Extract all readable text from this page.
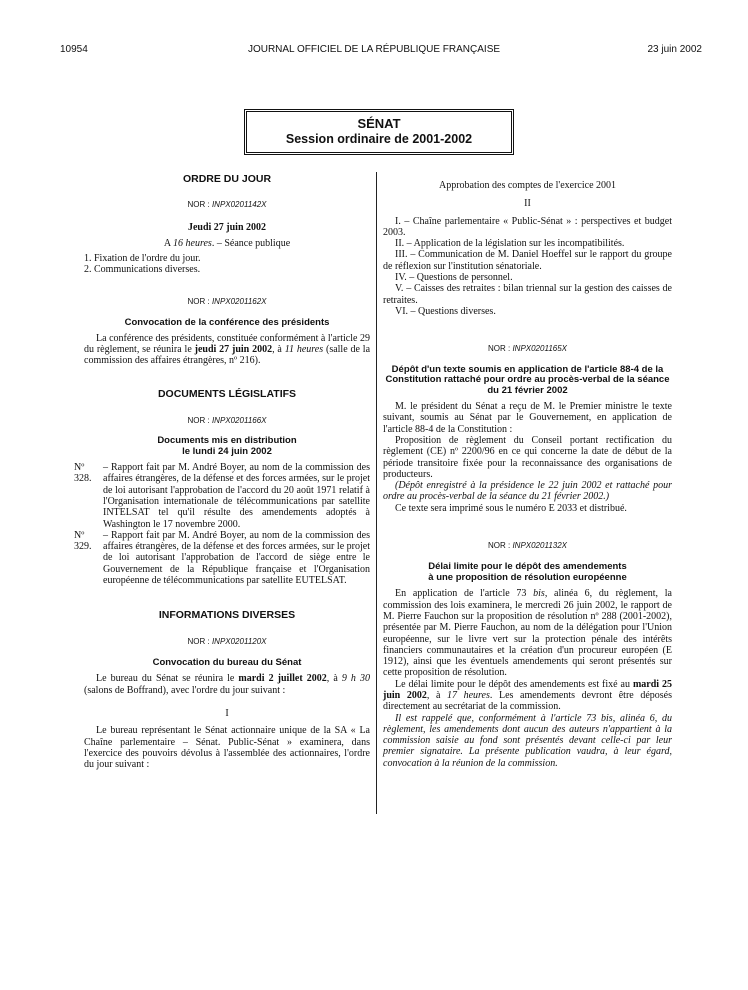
10954	JOURNAL OFFICIEL DE LA RÉPUBLIQUE FRANÇAISE	23 juin 2002
SÉNAT
Session ordinaire de 2001-2002
ORDRE DU JOUR
NOR : INPX0201142X
Jeudi 27 juin 2002
A 16 heures. – Séance publique
1. Fixation de l'ordre du jour.
2. Communications diverses.
NOR : INPX0201162X
Convocation de la conférence des présidents

La conférence des présidents, constituée conformément à l'article 29 du règlement, se réunira le jeudi 27 juin 2002, à 11 heures (salle de la commission des affaires étrangères, nº 216).

DOCUMENTS LÉGISLATIFS
NOR : INPX0201166X
Documents mis en distribution
le lundi 24 juin 2002
Nº 328.
– Rapport fait par M. André Boyer, au nom de la commission des affaires étrangères, de la défense et des forces armées, sur le projet de loi autorisant l'approbation de l'accord du 20 août 1971 relatif à l'Organisation internationale de télécommunications par satellite INTELSAT tel qu'il résulte des amendements adoptés à Washington le 17 novembre 2000.
Nº 329.
– Rapport fait par M. André Boyer, au nom de la commission des affaires étrangères, de la défense et des forces armées, sur le projet de loi autorisant l'approbation de l'accord de siège entre le Gouvernement de la République française et l'Organisation européenne de télécommunications par satellite EUTELSAT.
INFORMATIONS DIVERSES
NOR : INPX0201120X
Convocation du bureau du Sénat

Le bureau du Sénat se réunira le mardi 2 juillet 2002, à 9 h 30 (salons de Boffrand), avec l'ordre du jour suivant :

I

Le bureau représentant le Sénat actionnaire unique de la SA « La Chaîne parlementaire – Sénat. Public-Sénat » examinera, dans l'exercice des pouvoirs dévolus à l'assemblée des actionnaires, l'ordre du jour suivant :

Approbation des comptes de l'exercice 2001
II

I. – Chaîne parlementaire « Public-Sénat » : perspectives et budget 2003.

II. – Application de la législation sur les incompatibilités.

III. – Communication de M. Daniel Hoeffel sur le rapport du groupe de réflexion sur l'institution sénatoriale.

IV. – Questions de personnel.

V. – Caisses des retraites : bilan triennal sur la gestion des caisses de retraites.

VI. – Questions diverses.

NOR : INPX0201165X
Dépôt d'un texte soumis en application de l'article 88-4 de la Constitution rattaché pour ordre au procès-verbal de la séance du 21 février 2002

M. le président du Sénat a reçu de M. le Premier ministre le texte suivant, soumis au Sénat par le Gouvernement, en application de l'article 88-4 de la Constitution :

Proposition de règlement du Conseil portant rectification du règlement (CE) nº 2200/96 en ce qui concerne la date de début de la période transitoire fixée pour la reconnaissance des organisations de producteurs.

(Dépôt enregistré à la présidence le 22 juin 2002 et rattaché pour ordre au procès-verbal de la séance du 21 février 2002.)

Ce texte sera imprimé sous le numéro E 2033 et distribué.

NOR : INPX0201132X
Délai limite pour le dépôt des amendements
à une proposition de résolution européenne

En application de l'article 73 bis, alinéa 6, du règlement, la commission des lois examinera, le mercredi 26 juin 2002, le rapport de M. Pierre Fauchon sur la proposition de résolution nº 288 (2001-2002), présentée par M. Pierre Fauchon, au nom de la délégation pour l'Union européenne, sur le livre vert sur la protection pénale des intérêts financiers communautaires et la création d'un procureur européen (E 1912), ainsi que les éventuels amendements qui seront présentés sur cette proposition de résolution.

Le délai limite pour le dépôt des amendements est fixé au mardi 25 juin 2002, à 17 heures. Les amendements devront être déposés directement au secrétariat de la commission.

Il est rappelé que, conformément à l'article 73 bis, alinéa 6, du règlement, les amendements dont aucun des auteurs n'appartient à la commission saisie au fond sont présentés devant celle-ci par leur premier signataire. La présente publication vaudra, à leur égard, convocation à la réunion de la commission.
